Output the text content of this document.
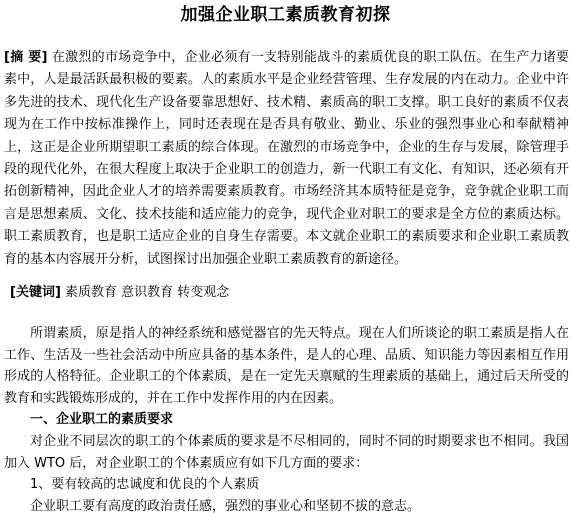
加强企业职工素质教育初探
[摘 要] 在激烈的市场竞争中，企业必须有一支特别能战斗的素质优良的职工队伍。在生产力诸要素中，人是最活跃最积极的要素。人的素质水平是企业经营管理、生存发展的内在动力。企业中许多先进的技术、现代化生产设备要靠思想好、技术精、素质高的职工支撑。职工良好的素质不仅表现为在工作中按标准操作上，同时还表现在是否具有敬业、勤业、乐业的强烈事业心和奉献精神上，这正是企业所期望职工素质的综合体现。在激烈的市场竞争中，企业的生存与发展，除管理手段的现代化外，在很大程度上取决于企业职工的创造力，新一代职工有文化、有知识，还必须有开拓创新精神，因此企业人才的培养需要素质教育。市场经济其本质特征是竞争，竞争就企业职工而言是思想素质、文化、技术技能和适应能力的竞争，现代企业对职工的要求是全方位的素质达标。职工素质教育，也是职工适应企业的自身生存需要。本文就企业职工的素质要求和企业职工素质教育的基本内容展开分析，试图探讨出加强企业职工素质教育的新途径。
[关键词] 素质教育 意识教育 转变观念

所谓素质，原是指人的神经系统和感觉器官的先天特点。现在人们所谈论的职工素质是指人在工作、生活及一些社会活动中所应具备的基本条件，是人的心理、品质、知识能力等因素相互作用形成的人格特征。企业职工的个体素质，是在一定先天禀赋的生理素质的基础上，通过后天所受的教育和实践锻炼形成的，并在工作中发挥作用的内在因素。

一、企业职工的素质要求

对企业不同层次的职工的个体素质的要求是不尽相同的，同时不同的时期要求也不相同。我国加入 WTO 后，对企业职工的个体素质应有如下几方面的要求：

1、要有较高的忠诚度和优良的个人素质

企业职工要有高度的政治责任感，强烈的事业心和坚韧不拔的意志。
